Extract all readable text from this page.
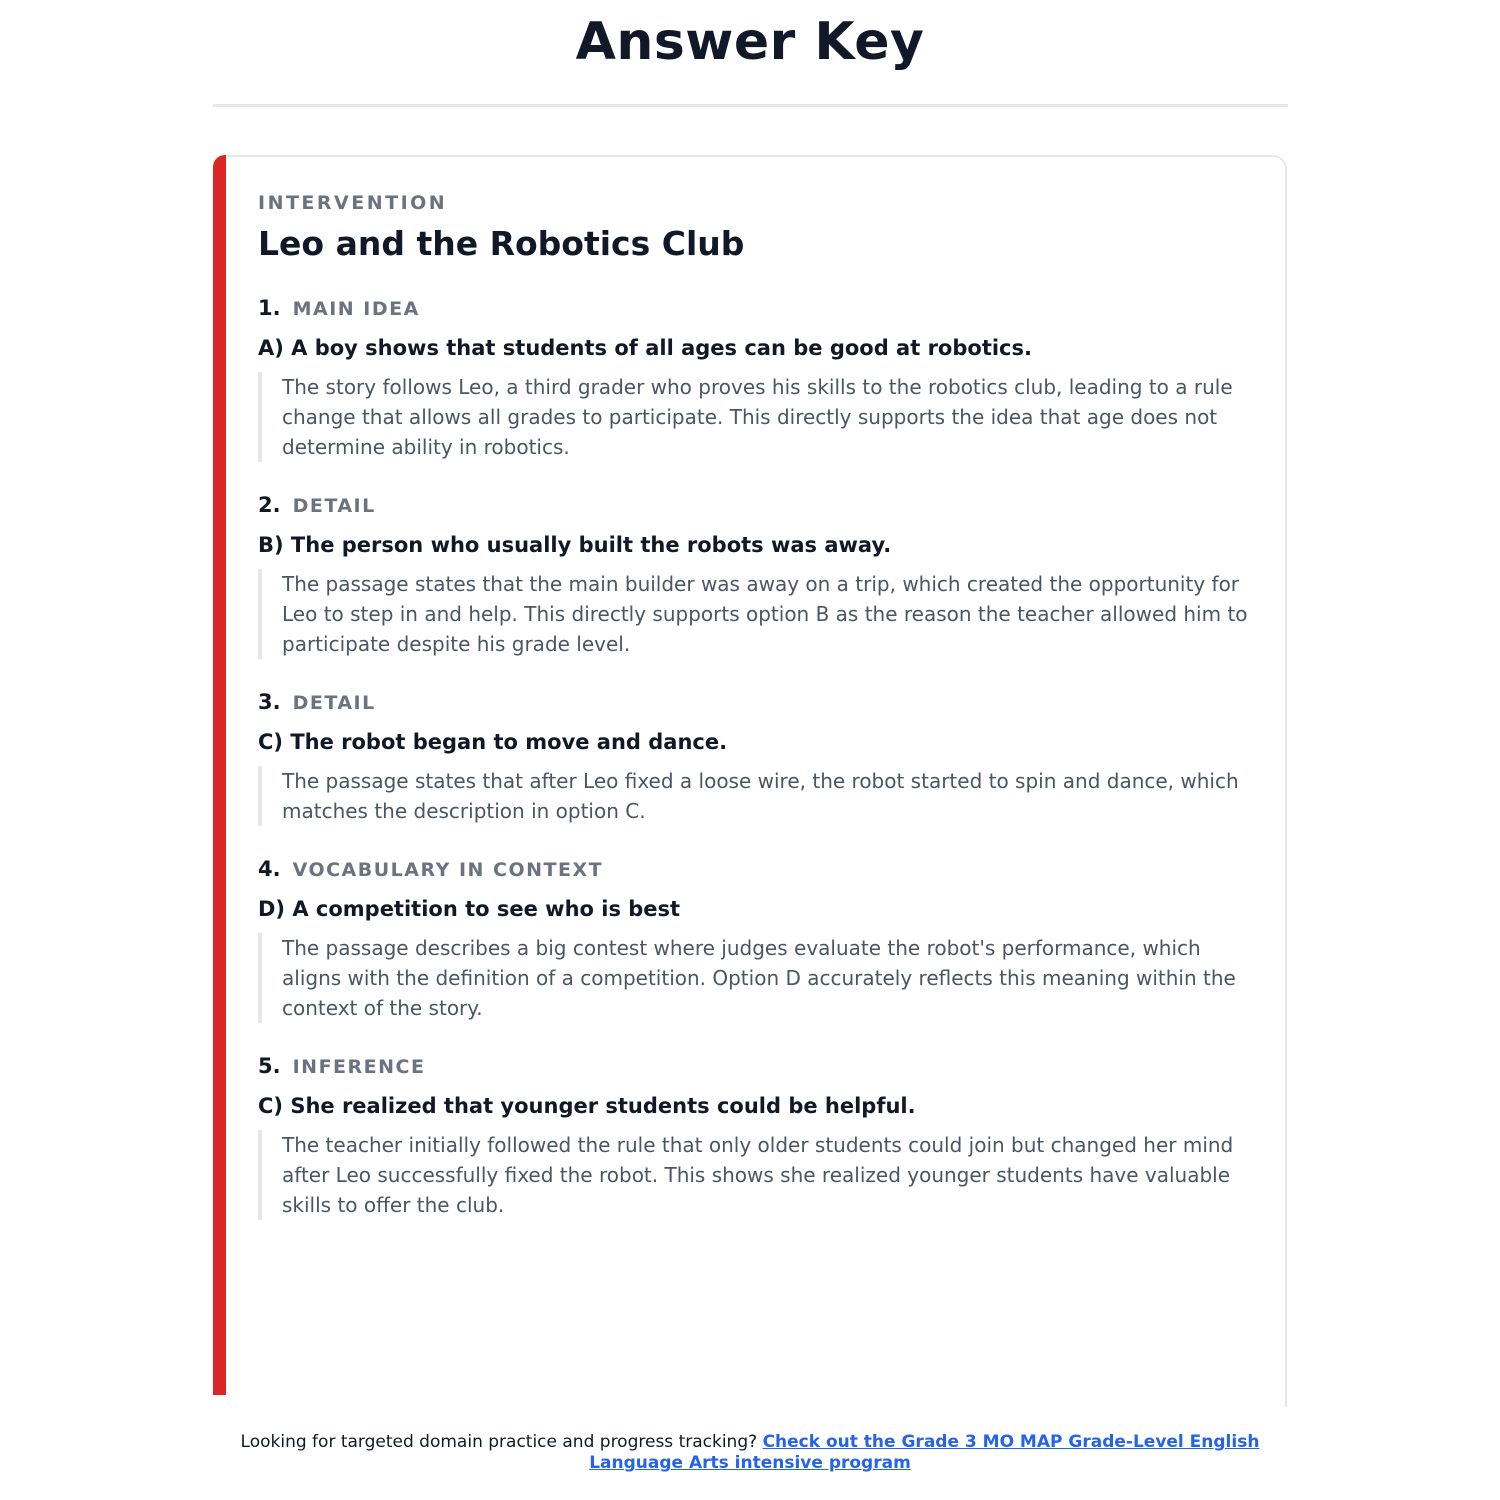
Answer Key

INTERVENTION

Leo and the Robotics Club
1. MAIN IDEA
A) A boy shows that students of all ages can be good at robotics.
The story follows Leo, a third grader who proves his skills to the robotics club, leading to a rule change that allows all grades to participate. This directly supports the idea that age does not determine ability in robotics.
2. DETAIL
B) The person who usually built the robots was away.
The passage states that the main builder was away on a trip, which created the opportunity for Leo to step in and help. This directly supports option B as the reason the teacher allowed him to participate despite his grade level.
3. DETAIL
C) The robot began to move and dance.
The passage states that after Leo fixed a loose wire, the robot started to spin and dance, which matches the description in option C.
4. VOCABULARY IN CONTEXT
D) A competition to see who is best
The passage describes a big contest where judges evaluate the robot's performance, which aligns with the definition of a competition. Option D accurately reflects this meaning within the context of the story.
5. INFERENCE
C) She realized that younger students could be helpful.
The teacher initially followed the rule that only older students could join but changed her mind after Leo successfully fixed the robot. This shows she realized younger students have valuable skills to offer the club.
Looking for targeted domain practice and progress tracking? Check out the Grade 3 MO MAP Grade-Level English Language Arts intensive program
